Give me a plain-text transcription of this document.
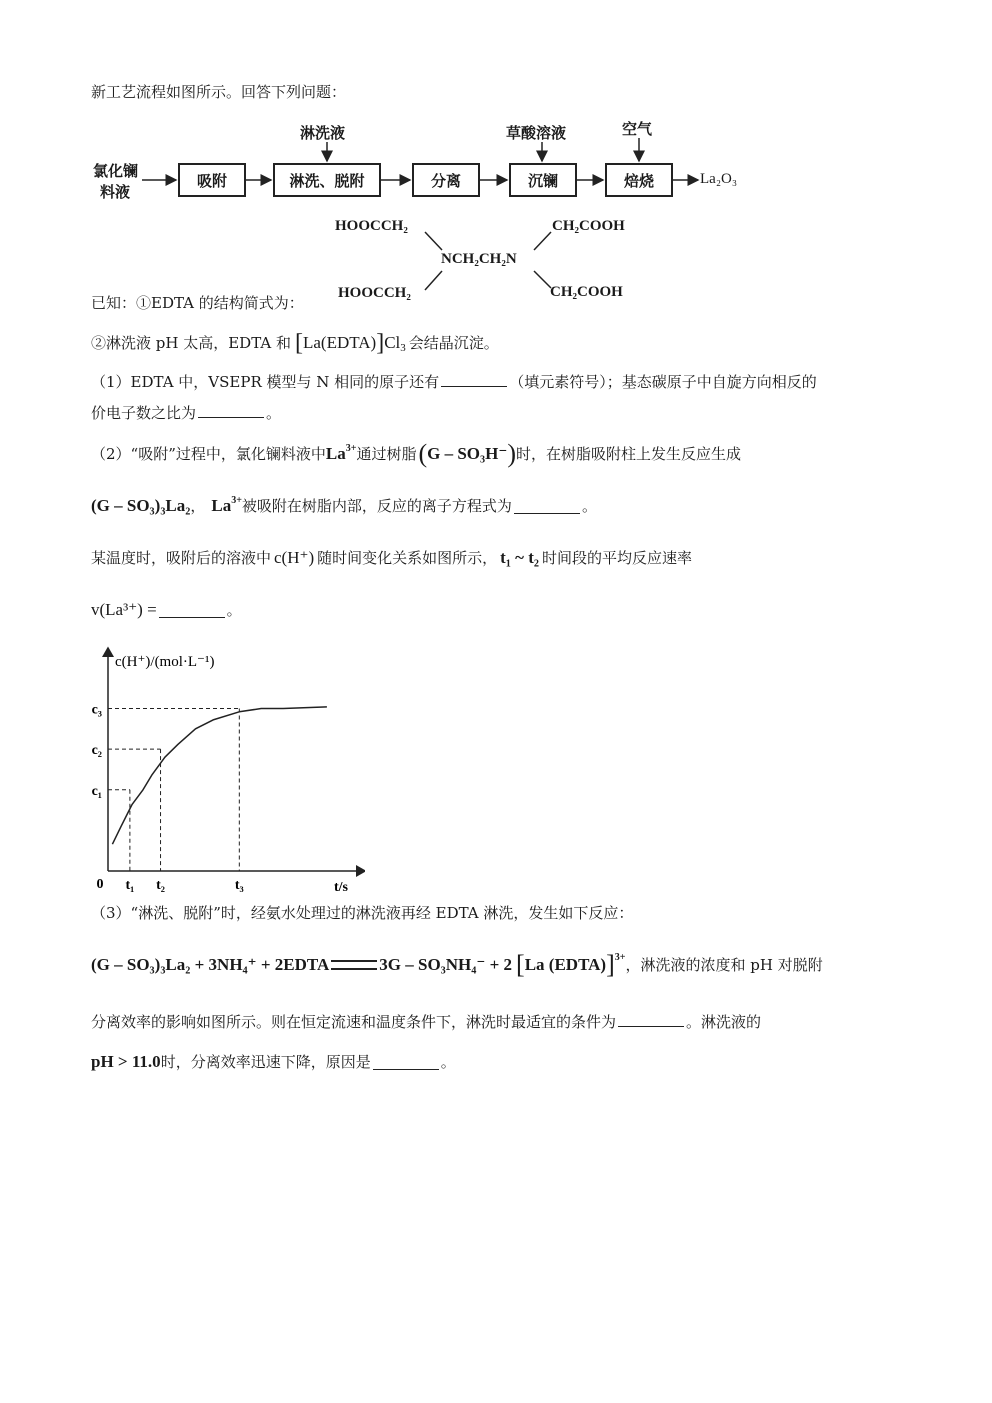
新工艺流程如图所示。回答下列问题：
氯化镧
料液
吸附	淋洗、脱附	分离	沉镧	焙烧
淋洗液	草酸溶液	空气
La₂O₃
HOOCCH₂	CH₂COOH
NCH₂CH₂N
HOOCCH₂	CH₂COOH
已知：①EDTA 的结构简式为：
②淋洗液 pH 太高，EDTA 和 [ La(EDTA) ] $Cl_3$ 会结晶沉淀。
（1）EDTA 中，VSEPR 模型与 N 相同的原子还有	（填元素符号）；基态碳原子中自旋方向相反的
价电子数之比为	。
（2）“吸附”过程中，氯化镧料液中 $La^{3+}$ 通过树脂 ( G – SO₃H⁻ ) 时，在树脂吸附柱上发生反应生成
(G – SO₃)₃La₂ ， $La^{3+}$ 被吸附在树脂内部，反应的离子方程式为	。
某温度时，吸附后的溶液中 c(H⁺) 随时间变化关系如图所示， t₁ ~ t₂ 时间段的平均反应速率
v(La³⁺) =	。
c(H⁺)/(mol·L⁻¹)
t/s
0 t₁
c₁
t₂
c₂
t₃
c₃
（3）“淋洗、脱附”时，经氨水处理过的淋洗液再经 EDTA 淋洗，发生如下反应：
(G – SO₃)₃La₂ + 3NH₄⁺ + 2EDTA	3G – SO₃NH₄⁻ + 2 [ La (EDTA) ]$^{3+}$ ，淋洗液的浓度和 pH 对脱附
分离效率的影响如图所示。则在恒定流速和温度条件下，淋洗时最适宜的条件为	。淋洗液的
pH > 11.0 时，分离效率迅速下降，原因是	。
